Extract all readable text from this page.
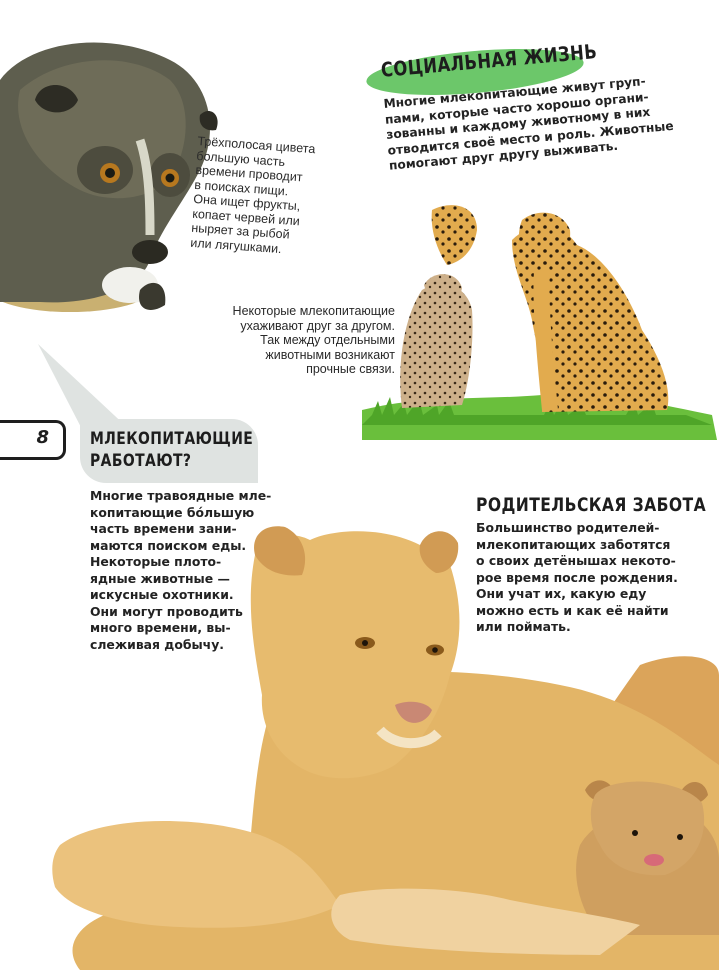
Трёхполосая цивета
большую часть
времени проводит
в поисках пищи.
Она ищет фрукты,
копает червей или
ныряет за рыбой
или лягушками.
СОЦИАЛЬНАЯ ЖИЗНЬ
Многие млекопитающие живут груп-
пами, которые часто хорошо органи-
зованны и каждому животному в них
отводится своё место и роль. Животные
помогают друг другу выживать.
Некоторые млекопитающие
ухаживают друг за другом.
Так между отдельными
животными возникают
прочные связи.
8 МЛЕКОПИТАЮЩИЕ
РАБОТАЮТ?
Многие травоядные мле-
копитающие бóльшую
часть времени зани-
маются поиском еды.
Некоторые плото-
ядные животные —
искусные охотники.
Они могут проводить
много времени, вы-
слеживая добычу.
РОДИТЕЛЬСКАЯ ЗАБОТА
Большинство родителей-
млекопитающих заботятся
о своих детёнышах некото-
рое время после рождения.
Они учат их, какую еду
можно есть и как её найти
или поймать.
